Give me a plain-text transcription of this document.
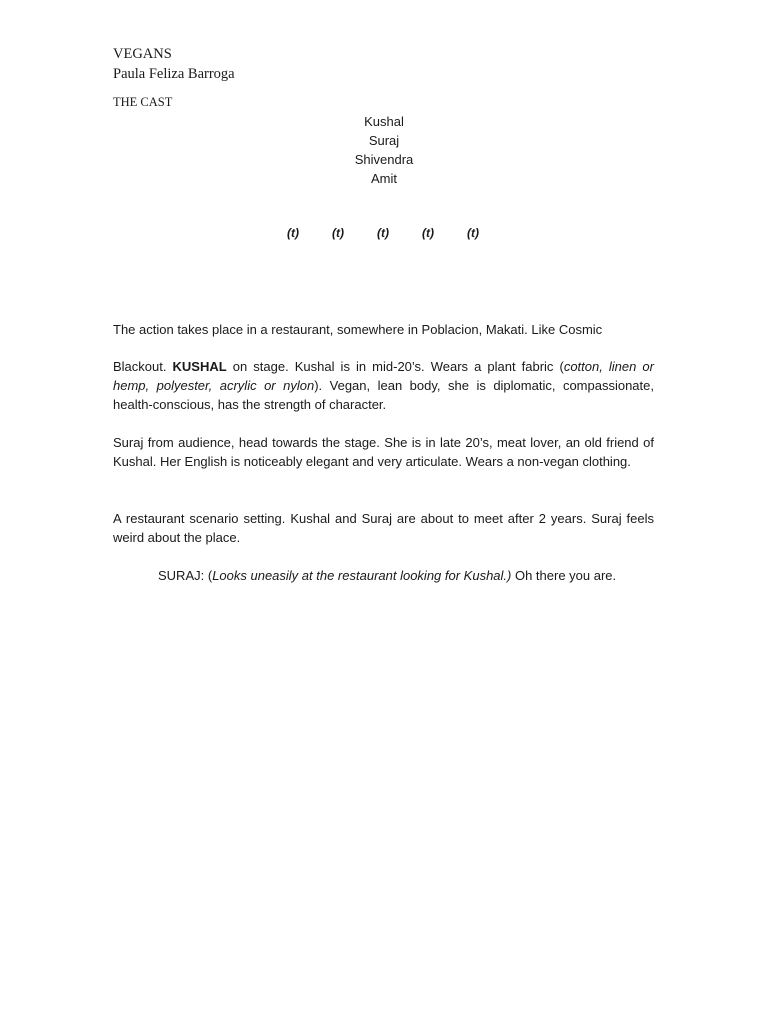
VEGANS
Paula Feliza Barroga
THE CAST
Kushal
Suraj
Shivendra
Amit
(t)	(t)	(t)	(t)	(t)

The action takes place in a restaurant, somewhere in Poblacion, Makati. Like Cosmic

Blackout. KUSHAL on stage. Kushal is in mid-20’s. Wears a plant fabric (cotton, linen or hemp, polyester, acrylic or nylon). Vegan, lean body, she is diplomatic, compassionate, health-conscious, has the strength of character.

Suraj from audience, head towards the stage. She is in late 20’s, meat lover, an old friend of Kushal. Her English is noticeably elegant and very articulate. Wears a non-vegan clothing.

A restaurant scenario setting. Kushal and Suraj are about to meet after 2 years. Suraj feels weird about the place.

SURAJ: (Looks uneasily at the restaurant looking for Kushal.) Oh there you are.
